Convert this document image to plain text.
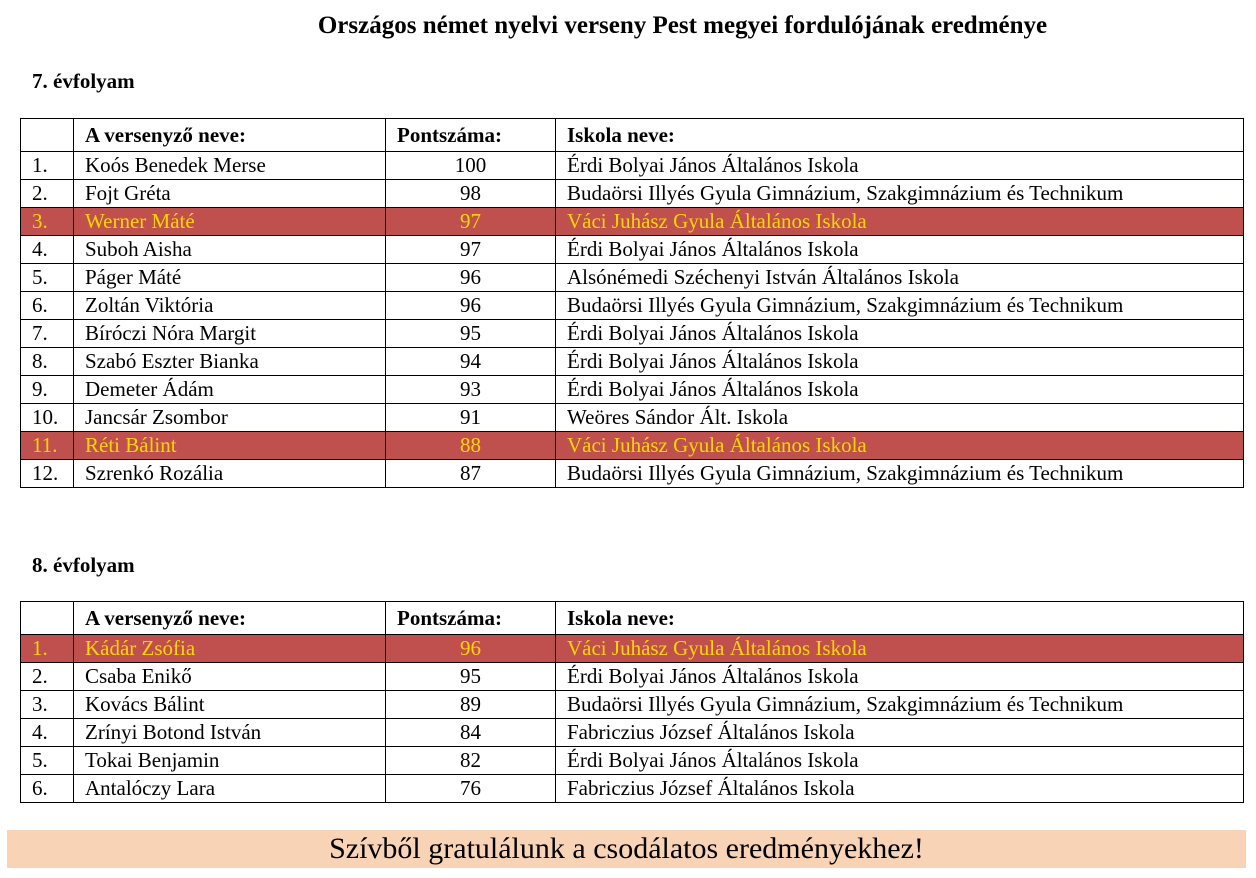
Országos német nyelvi verseny Pest megyei fordulójának eredménye
7. évfolyam
	A versenyző neve:	Pontszáma:	Iskola neve:
1.	Koós Benedek Merse	100	Érdi Bolyai János Általános Iskola
2.	Fojt Gréta	98	Budaörsi Illyés Gyula Gimnázium, Szakgimnázium és Technikum
3.	Werner Máté	97	Váci Juhász Gyula Általános Iskola
4.	Suboh Aisha	97	Érdi Bolyai János Általános Iskola
5.	Páger Máté	96	Alsónémedi Széchenyi István Általános Iskola
6.	Zoltán Viktória	96	Budaörsi Illyés Gyula Gimnázium, Szakgimnázium és Technikum
7.	Bíróczi Nóra Margit	95	Érdi Bolyai János Általános Iskola
8.	Szabó Eszter Bianka	94	Érdi Bolyai János Általános Iskola
9.	Demeter Ádám	93	Érdi Bolyai János Általános Iskola
10.	Jancsár Zsombor	91	Weöres Sándor Ált. Iskola
11.	Réti Bálint	88	Váci Juhász Gyula Általános Iskola
12.	Szrenkó Rozália	87	Budaörsi Illyés Gyula Gimnázium, Szakgimnázium és Technikum
8. évfolyam
	A versenyző neve:	Pontszáma:	Iskola neve:
1.	Kádár Zsófia	96	Váci Juhász Gyula Általános Iskola
2.	Csaba Enikő	95	Érdi Bolyai János Általános Iskola
3.	Kovács Bálint	89	Budaörsi Illyés Gyula Gimnázium, Szakgimnázium és Technikum
4.	Zrínyi Botond István	84	Fabriczius József Általános Iskola
5.	Tokai Benjamin	82	Érdi Bolyai János Általános Iskola
6.	Antalóczy Lara	76	Fabriczius József Általános Iskola
Szívből gratulálunk a csodálatos eredményekhez!
